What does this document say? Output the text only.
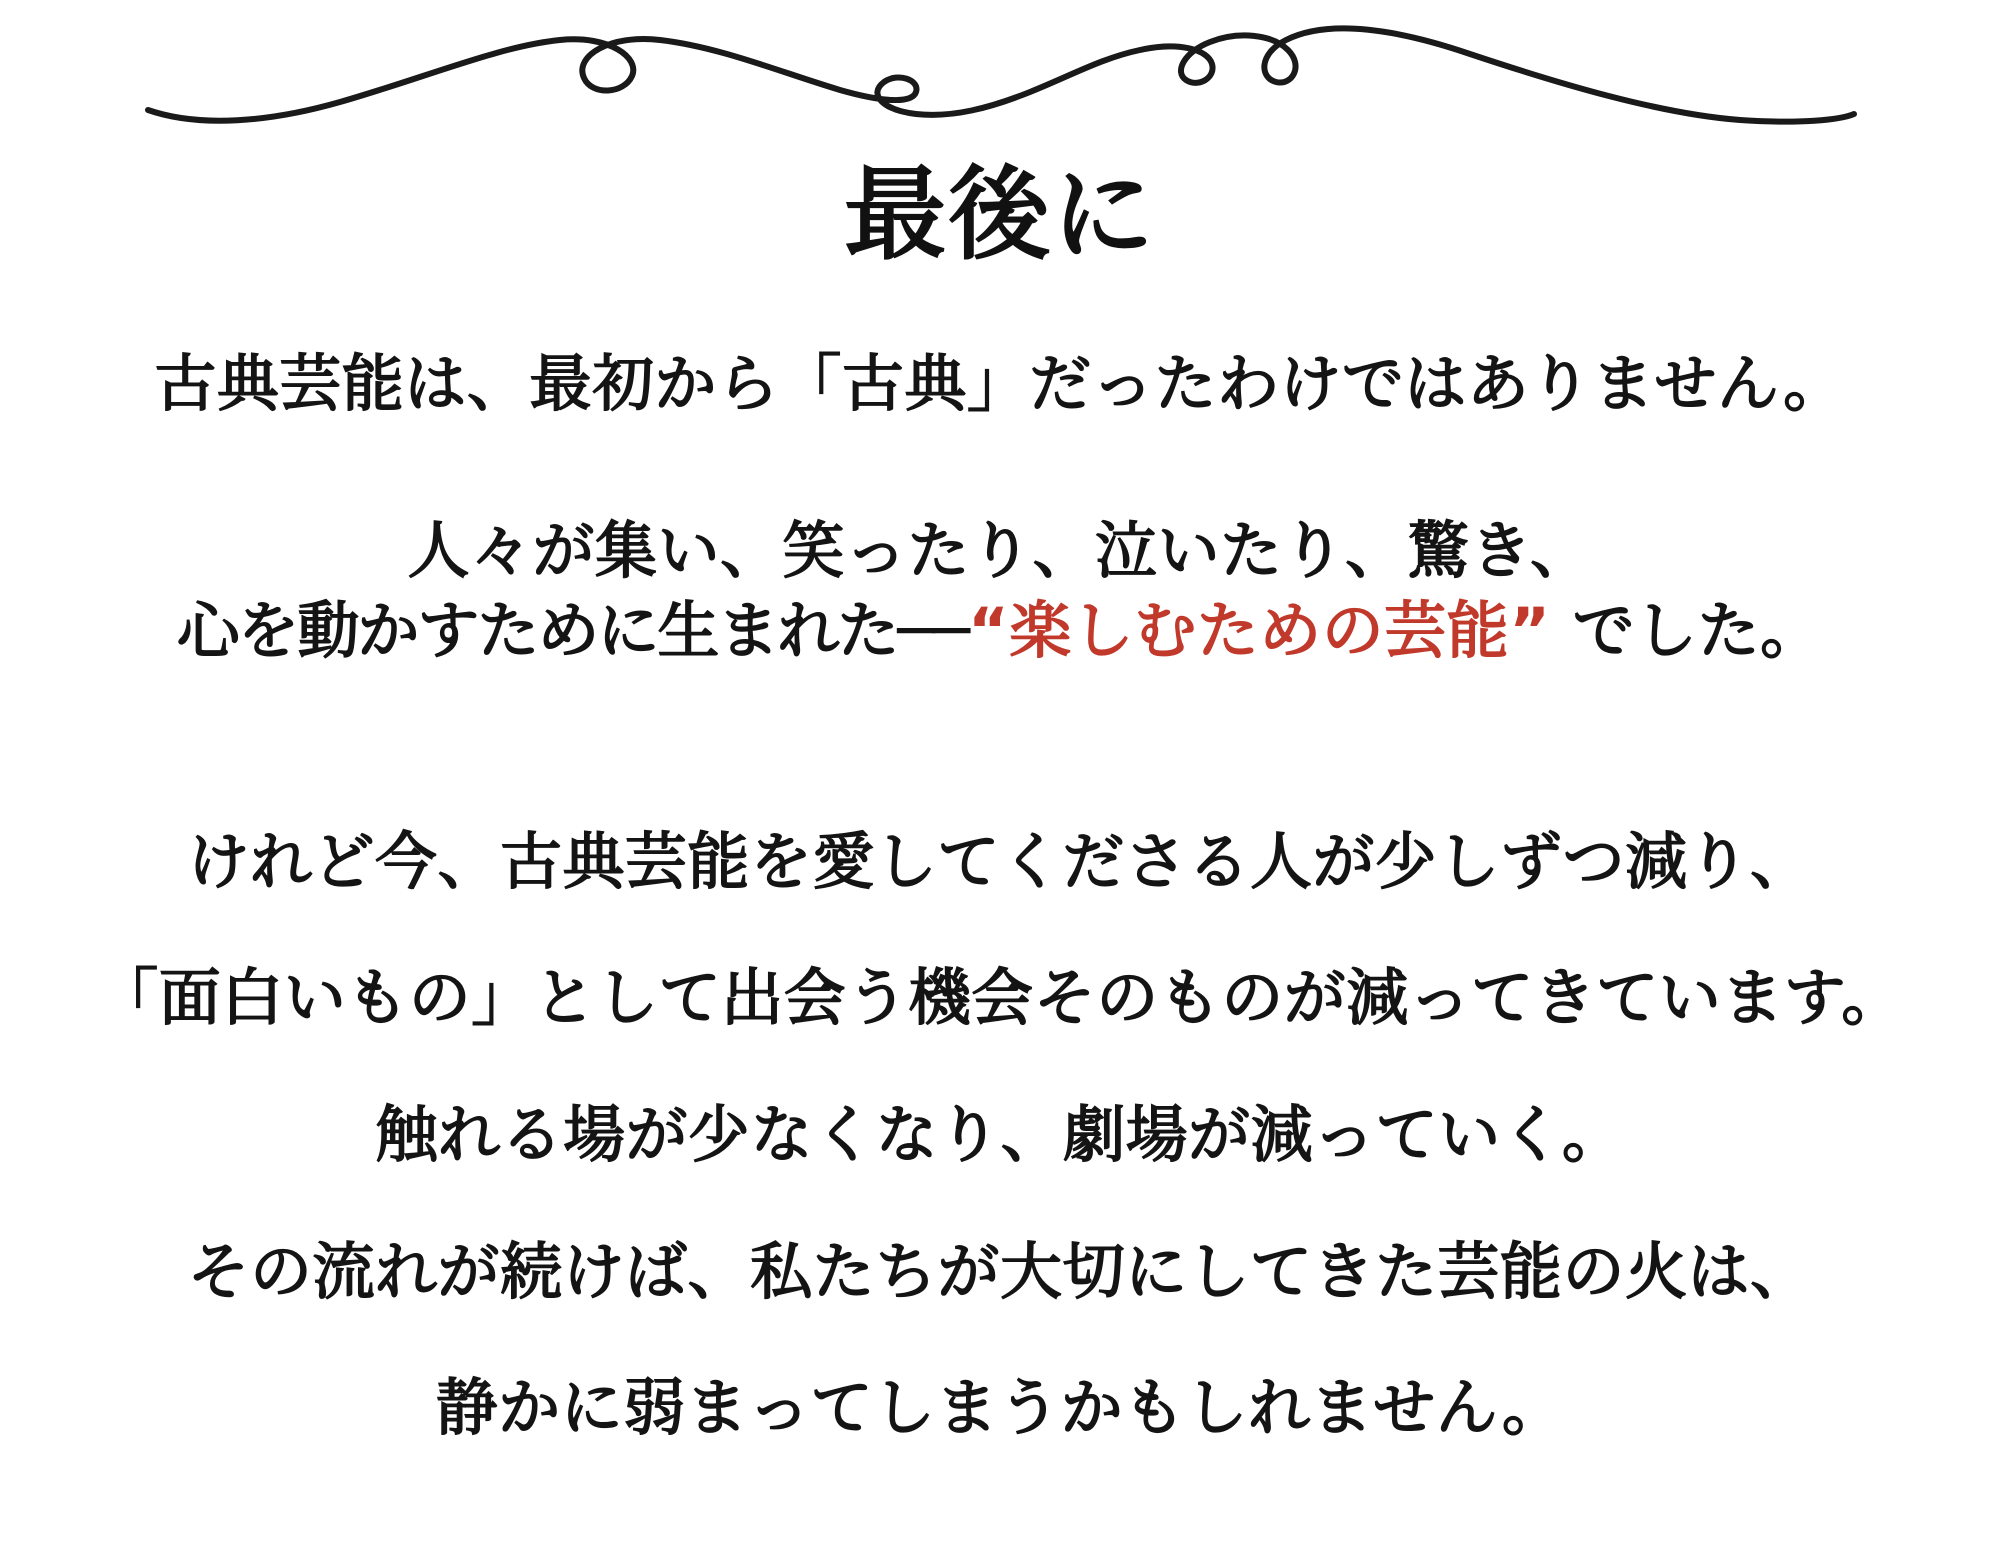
最後に
古典芸能は、最初から「古典」だったわけではありません。
人々が集い、笑ったり、泣いたり、驚き、
心を動かすために生まれた──“楽しむための芸能” でした。
けれど今、古典芸能を愛してくださる人が少しずつ減り、
「面白いもの」として出会う機会そのものが減ってきています。
触れる場が少なくなり、劇場が減っていく。
その流れが続けば、私たちが大切にしてきた芸能の火は、
静かに弱まってしまうかもしれません。
